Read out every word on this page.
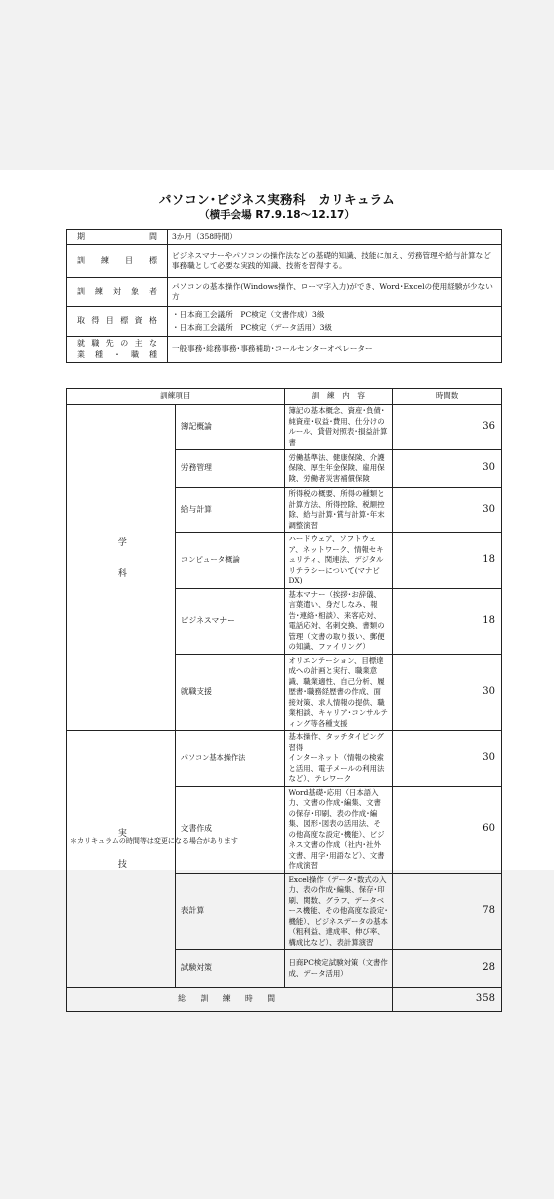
パソコン･ビジネス実務科　カリキュラム
（横手会場 R7.9.18〜12.17）
期　間	3か月（358時間）
訓練目標	ビジネスマナーやパソコンの操作法などの基礎的知識、技能に加え、労務管理や給与計算など事務職として必要な実践的知識、技術を習得する。
訓練対象者	パソコンの基本操作(Windows操作、ローマ字入力)ができ、Word･Excelの使用経験が少ない方
取得目標資格	・日本商工会議所　PC検定（文書作成）3級
・日本商工会議所　PC検定（データ活用）3級

就職先の主な
業種・職種	一般事務･総務事務･事務補助･コールセンターオペレーター
訓練項目		訓　練　内　容	時間数

学科	簿記概論	簿記の基本概念、資産･負債･純資産･収益･費用、仕分けのルール、貸借対照表･損益計算書	36
	労務管理	労働基準法、健康保険、介護保険、厚生年金保険、雇用保険、労働者災害補償保険	30
	給与計算	所得税の概要、所得の種類と計算方法、所得控除、税額控除、給与計算･賞与計算･年末調整演習	30
	コンピュータ概論	ハードウェア、ソフトウェア、ネットワーク、情報セキュリティ、関連法、デジタルリテラシーについて(マナビDX)	18
	ビジネスマナー	基本マナー（挨拶･お辞儀、言葉遣い、身だしなみ、報告･連絡･相談）、来客応対、電話応対、名刺交換、書類の管理（文書の取り扱い、郵便の知識、ファイリング）	18
	就職支援	オリエンテーション、目標達成への計画と実行、職業意識、職業適性、自己分析、履歴書･職務経歴書の作成、面接対策、求人情報の提供、職業相談、キャリア･コンサルティング等各種支援	30

実技	パソコン基本操作法	基本操作、タッチタイピング習得
インターネット（情報の検索と活用、電子メールの利用法など）、テレワーク	30
	文書作成	Word基礎･応用（日本語入力、文書の作成･編集、文書の保存･印刷、表の作成･編集、図形･図表の活用法、その他高度な設定･機能）、ビジネス文書の作成（社内･社外文書、用字･用語など）、文書作成演習	60
	表計算	Excel操作（データ･数式の入力、表の作成･編集、保存･印刷、関数、グラフ、データベース機能、その他高度な設定･機能）、ビジネスデータの基本（粗利益、達成率、伸び率、構成比など）、表計算演習	78
	試験対策	日商PC検定試験対策（文書作成、データ活用）	28
総 訓 練 時 間			358
＊カリキュラムの時間等は変更になる場合があります
